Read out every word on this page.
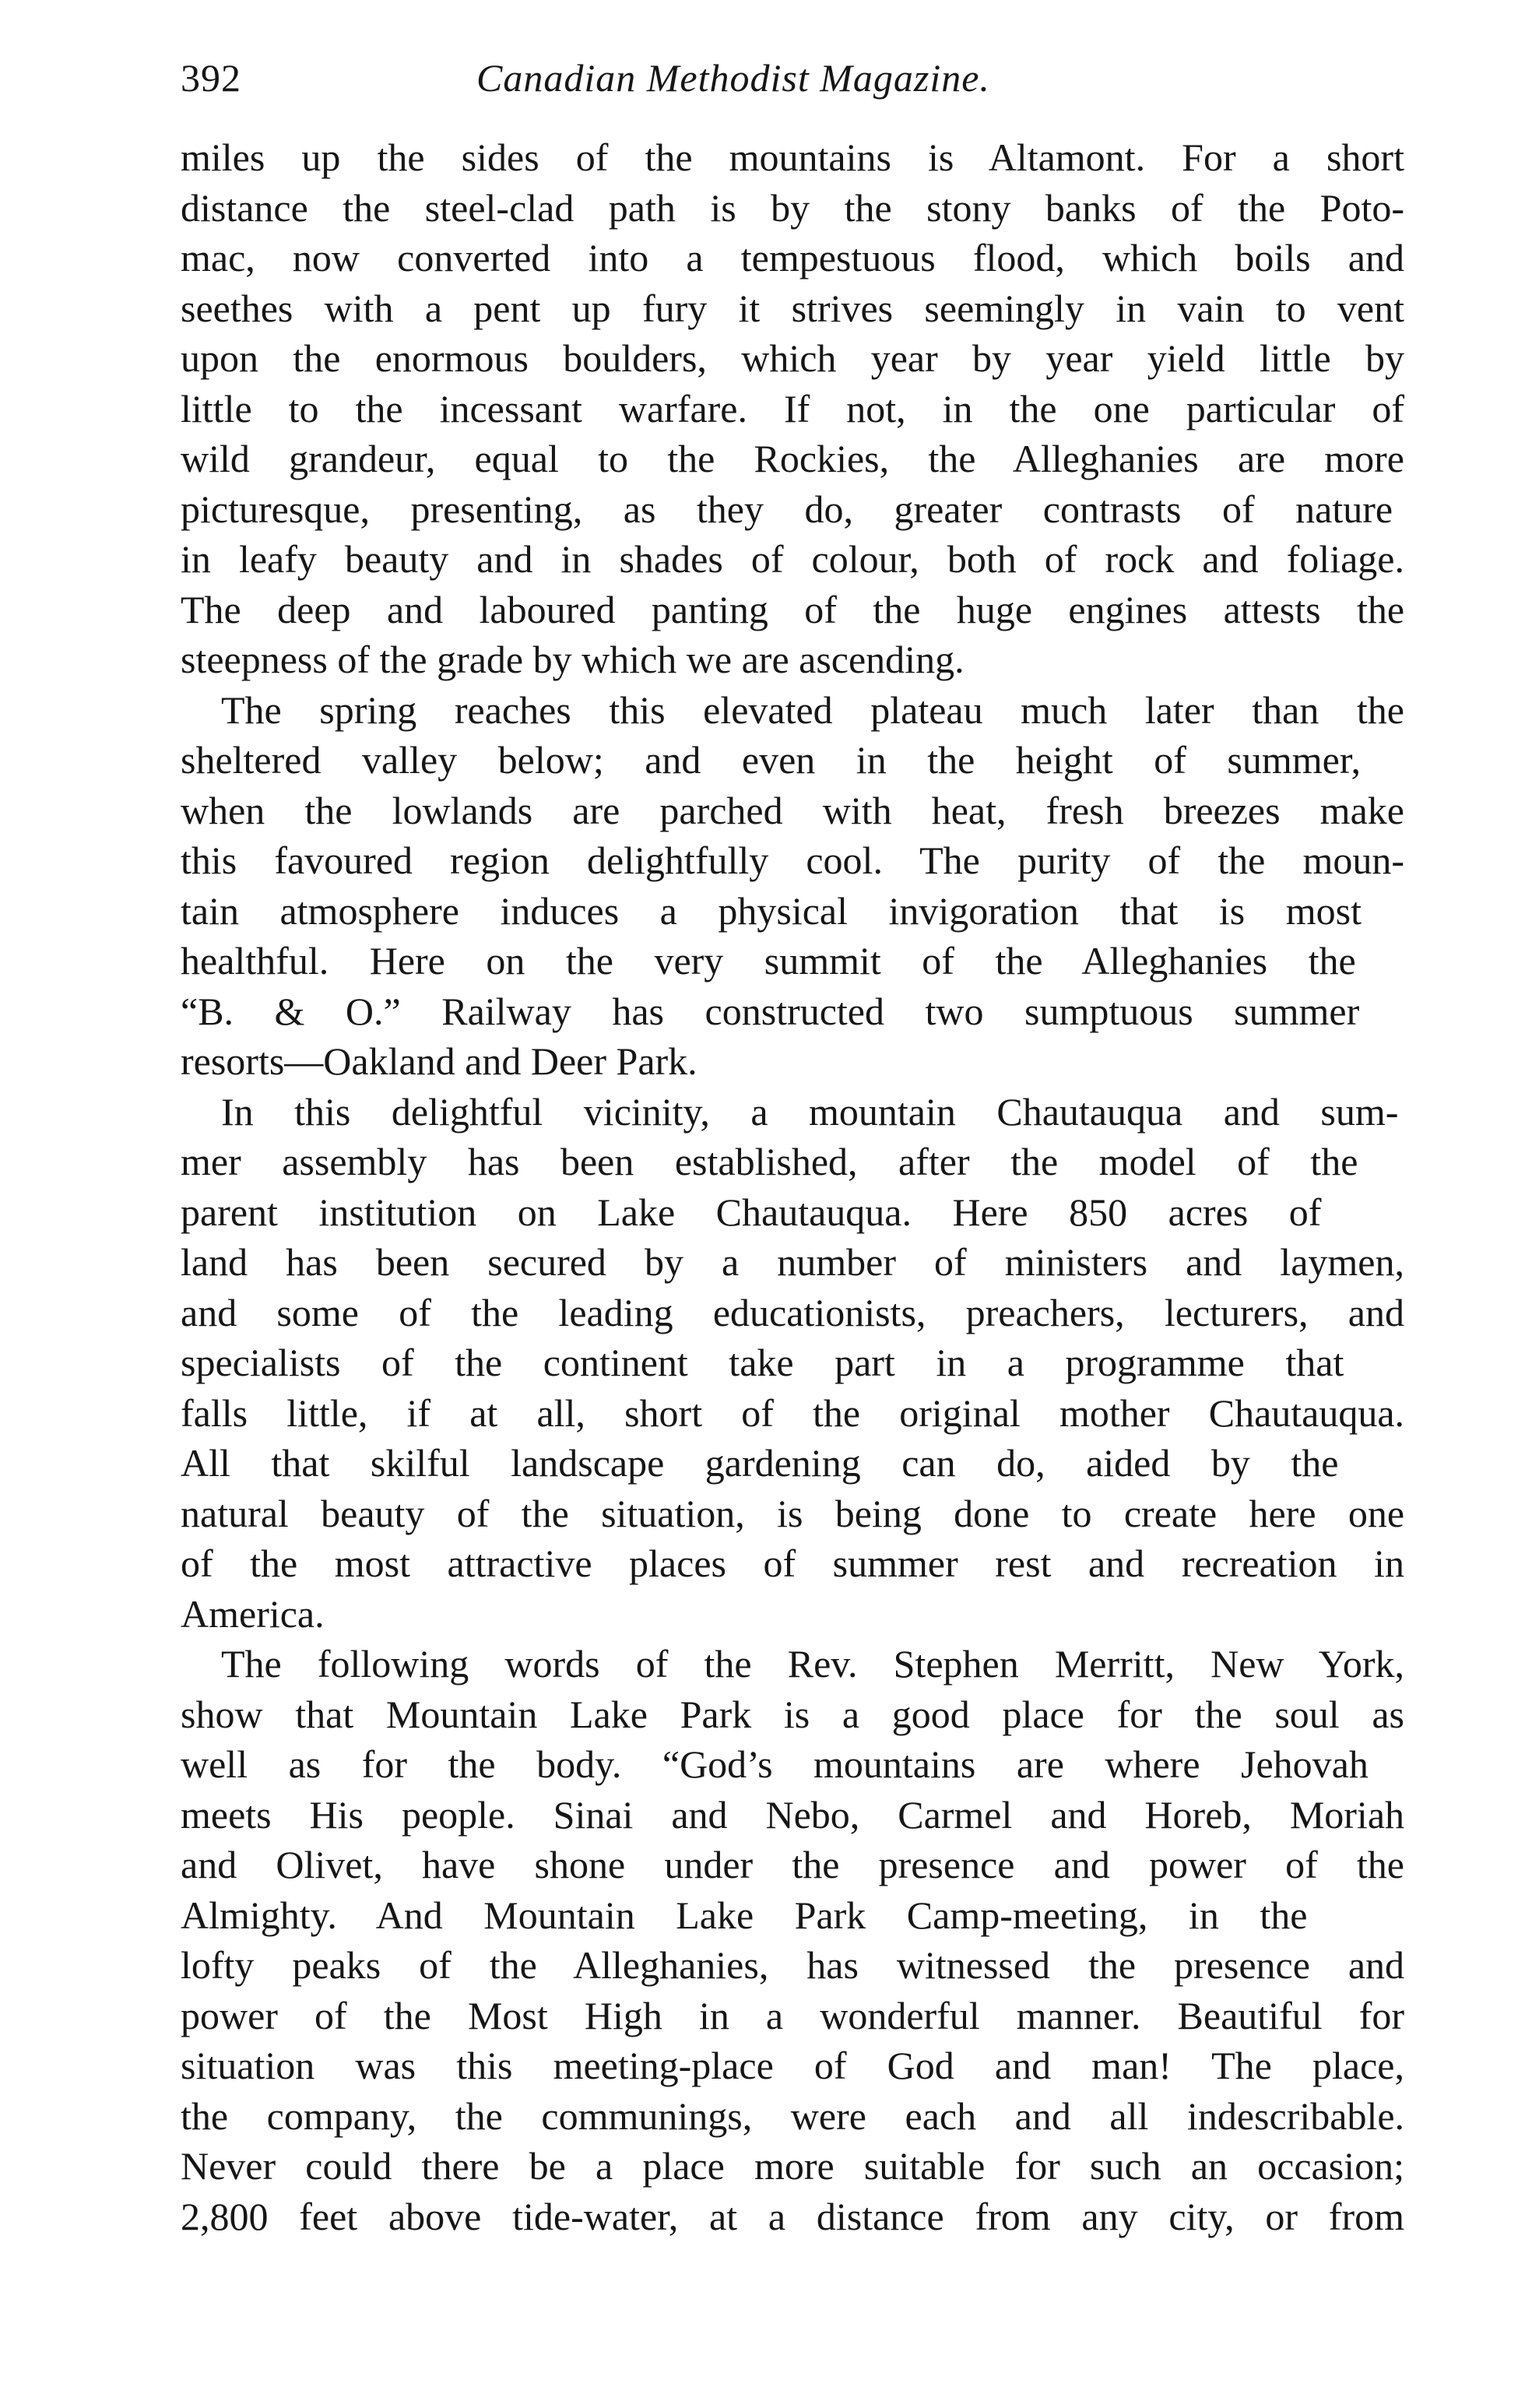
392	Canadian Methodist Magazine.

miles up the sides of the mountains is Altamont. For a short
distance the steel-clad path is by the stony banks of the Poto-
mac, now converted into a tempestuous flood, which boils and
seethes with a pent up fury it strives seemingly in vain to vent
upon the enormous boulders, which year by year yield little by
little to the incessant warfare. If not, in the one particular of
wild grandeur, equal to the Rockies, the Alleghanies are more
picturesque, presenting, as they do, greater contrasts of nature
in leafy beauty and in shades of colour, both of rock and foliage.
The deep and laboured panting of the huge engines attests the
steepness of the grade by which we are ascending.

The spring reaches this elevated plateau much later than the
sheltered valley below; and even in the height of summer,
when the lowlands are parched with heat, fresh breezes make
this favoured region delightfully cool. The purity of the moun-
tain atmosphere induces a physical invigoration that is most
healthful. Here on the very summit of the Alleghanies the
“B. & O.” Railway has constructed two sumptuous summer
resorts—Oakland and Deer Park.

In this delightful vicinity, a mountain Chautauqua and sum-
mer assembly has been established, after the model of the
parent institution on Lake Chautauqua. Here 850 acres of
land has been secured by a number of ministers and laymen,
and some of the leading educationists, preachers, lecturers, and
specialists of the continent take part in a programme that
falls little, if at all, short of the original mother Chautauqua.
All that skilful landscape gardening can do, aided by the
natural beauty of the situation, is being done to create here one
of the most attractive places of summer rest and recreation in
America.

The following words of the Rev. Stephen Merritt, New York,
show that Mountain Lake Park is a good place for the soul as
well as for the body. “God’s mountains are where Jehovah
meets His people. Sinai and Nebo, Carmel and Horeb, Moriah
and Olivet, have shone under the presence and power of the
Almighty. And Mountain Lake Park Camp-meeting, in the
lofty peaks of the Alleghanies, has witnessed the presence and
power of the Most High in a wonderful manner. Beautiful for
situation was this meeting-place of God and man! The place,
the company, the communings, were each and all indescribable.
Never could there be a place more suitable for such an occasion;
2,800 feet above tide-water, at a distance from any city, or from
